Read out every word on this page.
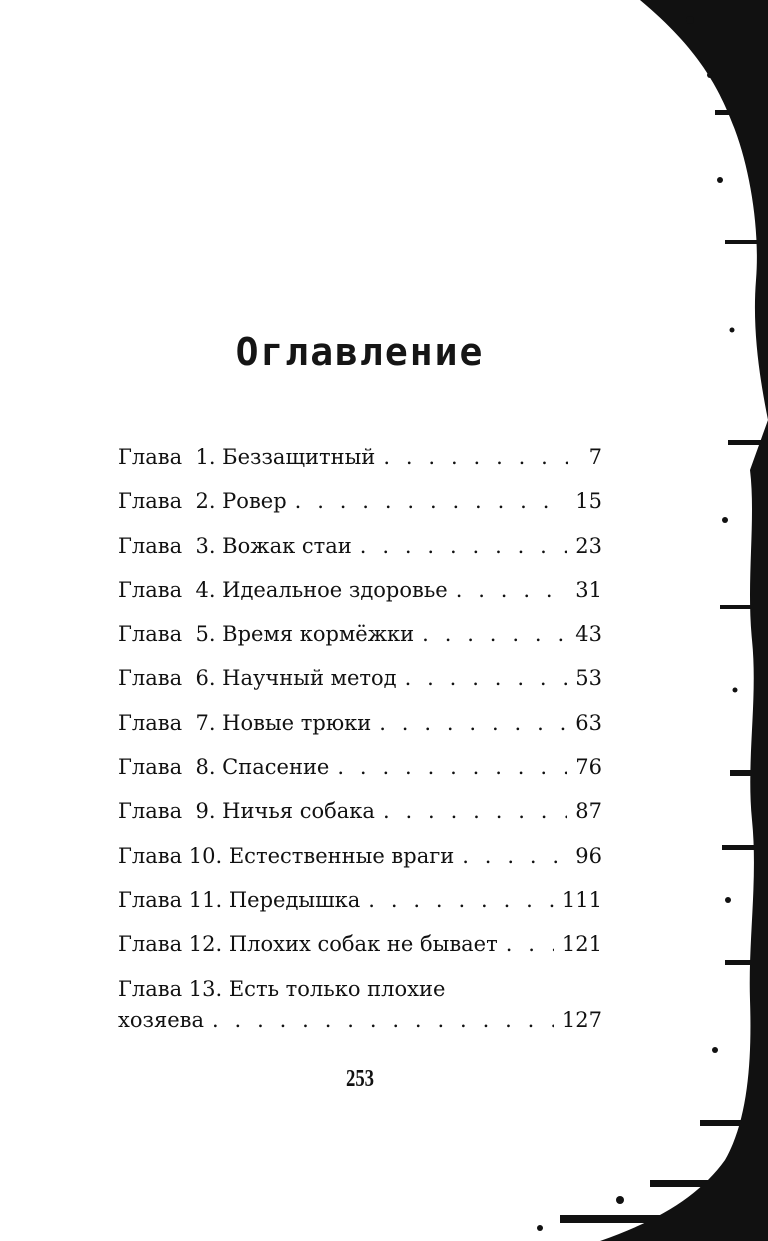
Оглавление
Глава  1. Беззащитный . . .	7
Глава  2. Ровер . . .	15
Глава  3. Вожак стаи . . .	23
Глава  4. Идеальное здоровье . . .	31
Глава  5. Время кормёжки . . .	43
Глава  6. Научный метод . . .	53
Глава  7. Новые трюки . . .	63
Глава  8. Спасение . . .	76
Глава  9. Ничья собака . . .	87
Глава 10. Естественные враги . . .	96
Глава 11. Передышка . . .	111
Глава 12. Плохих собак не бывает . . .	121
Глава 13. Есть только плохие
хозяева . . .	127
253
